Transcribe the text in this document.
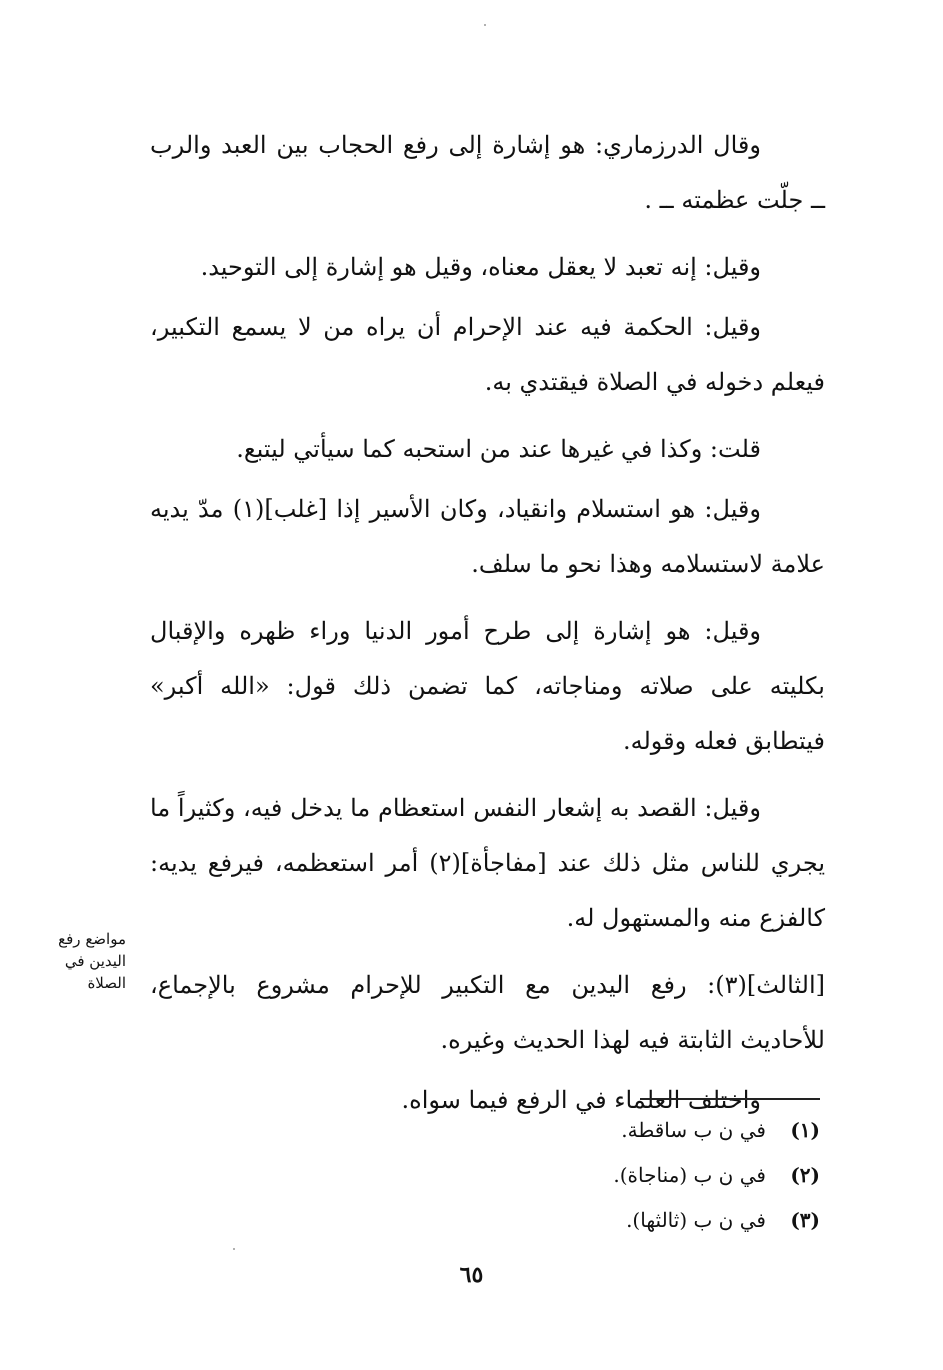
وقال الدرزماري: هو إشارة إلى رفع الحجاب بين العبد والرب ــ جلّت عظمته ــ .

وقيل: إنه تعبد لا يعقل معناه، وقيل هو إشارة إلى التوحيد.

وقيل: الحكمة فيه عند الإحرام أن يراه من لا يسمع التكبير، فيعلم دخوله في الصلاة فيقتدي به.

قلت: وكذا في غيرها عند من استحبه كما سيأتي ليتبع.

وقيل: هو استسلام وانقياد، وكان الأسير إذا [غلب](١) مدّ يديه علامة لاستسلامه وهذا نحو ما سلف.

وقيل: هو إشارة إلى طرح أمور الدنيا وراء ظهره والإقبال بكليته على صلاته ومناجاته، كما تضمن ذلك قول: «الله أكبر» فيتطابق فعله وقوله.

وقيل: القصد به إشعار النفس استعظام ما يدخل فيه، وكثيراً ما يجري للناس مثل ذلك عند [مفاجأة](٢) أمر استعظمه، فيرفع يديه: كالفزع منه والمستهول له.

[الثالث](٣): رفع اليدين مع التكبير للإحرام مشروع بالإجماع، للأحاديث الثابتة فيه لهذا الحديث وغيره.

واختلف العلماء في الرفع فيما سواه.

مواضع رفع
اليدين في
الصلاة
(١) في ن ب ساقطة.
(٢) في ن ب (مناجاة).
(٣) في ن ب (ثالثها).
٦٥
